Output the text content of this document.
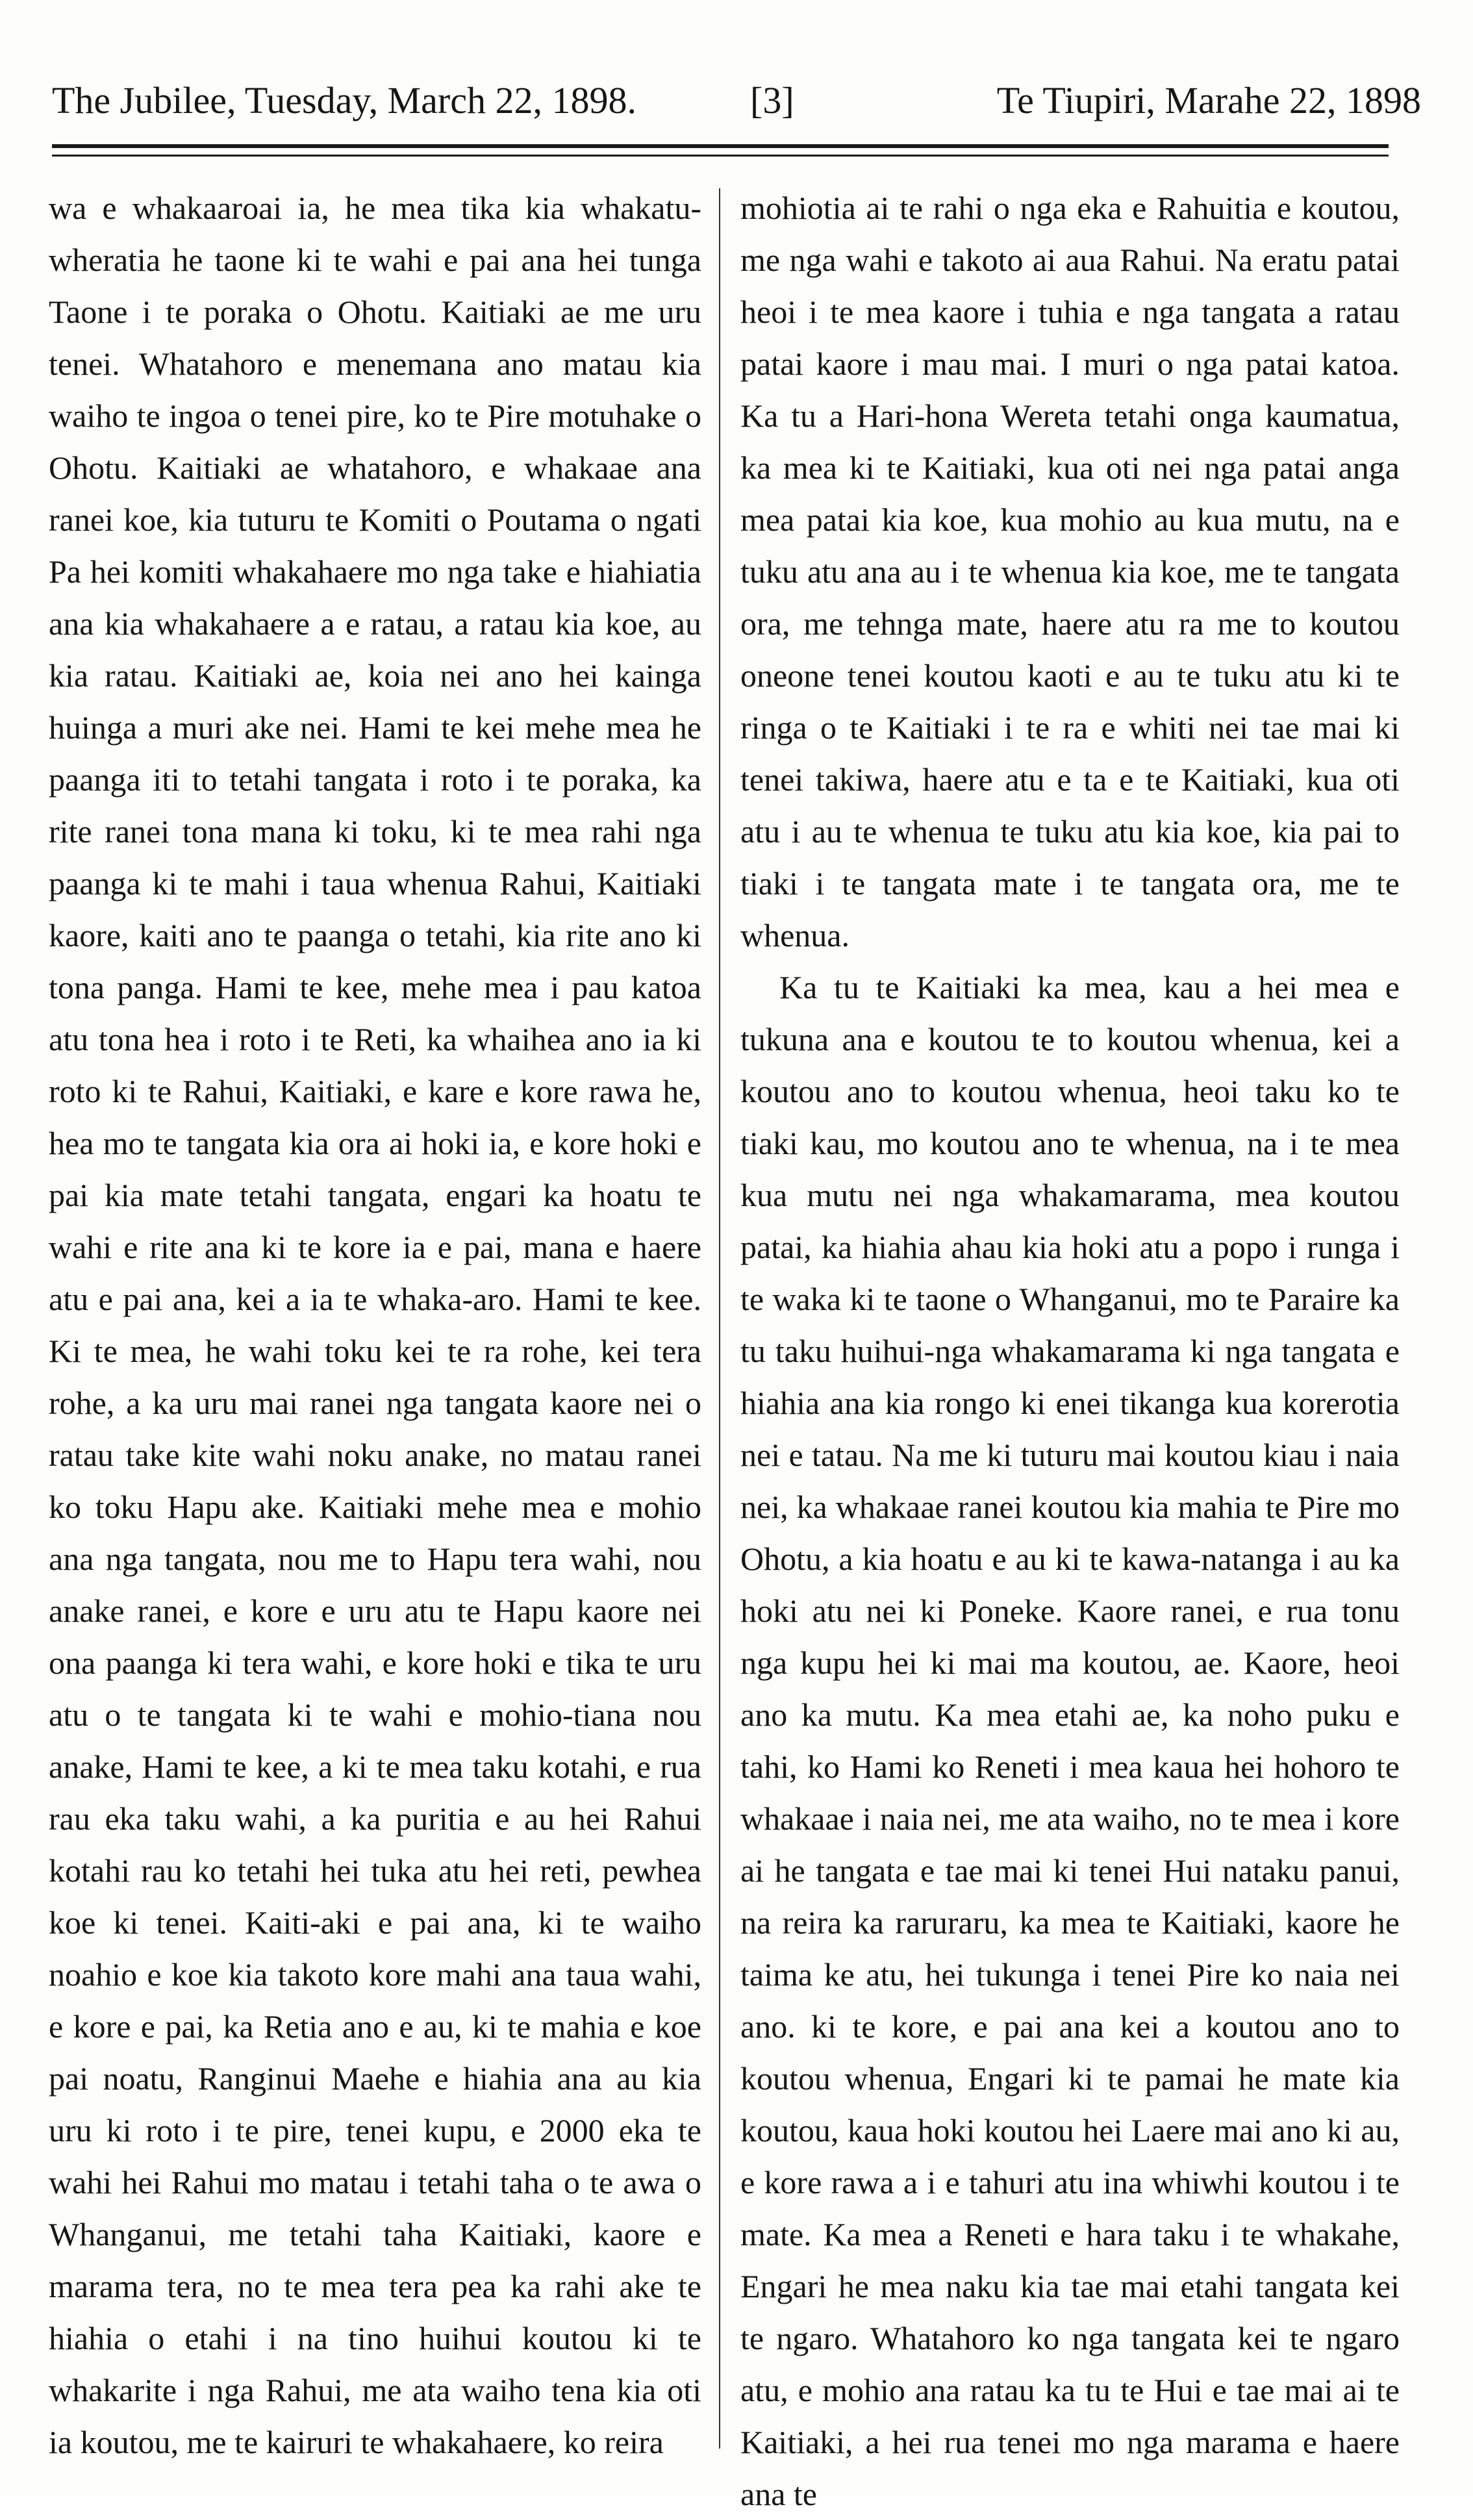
The Jubilee, Tuesday, March 22, 1898.	[3]	Te Tiupiri, Marahe 22, 1898

wa e whakaaroai ia, he mea tika kia whakatu-wheratia he taone ki te wahi e pai ana hei tunga Taone i te poraka o Ohotu. Kaitiaki ae me uru tenei. Whatahoro e menemana ano matau kia waiho te ingoa o tenei pire, ko te Pire motuhake o Ohotu. Kaitiaki ae whatahoro, e whakaae ana ranei koe, kia tuturu te Komiti o Poutama o ngati Pa hei komiti whakahaere mo nga take e hiahiatia ana kia whakahaere a e ratau, a ratau kia koe, au kia ratau. Kaitiaki ae, koia nei ano hei kainga huinga a muri ake nei. Hami te kei mehe mea he paanga iti to tetahi tangata i roto i te poraka, ka rite ranei tona mana ki toku, ki te mea rahi nga paanga ki te mahi i taua whenua Rahui, Kaitiaki kaore, kaiti ano te paanga o tetahi, kia rite ano ki tona panga. Hami te kee, mehe mea i pau katoa atu tona hea i roto i te Reti, ka whaihea ano ia ki roto ki te Rahui, Kaitiaki, e kare e kore rawa he, hea mo te tangata kia ora ai hoki ia, e kore hoki e pai kia mate tetahi tangata, engari ka hoatu te wahi e rite ana ki te kore ia e pai, mana e haere atu e pai ana, kei a ia te whaka-aro. Hami te kee. Ki te mea, he wahi toku kei te ra rohe, kei tera rohe, a ka uru mai ranei nga tangata kaore nei o ratau take kite wahi noku anake, no matau ranei ko toku Hapu ake. Kaitiaki mehe mea e mohio ana nga tangata, nou me to Hapu tera wahi, nou anake ranei, e kore e uru atu te Hapu kaore nei ona paanga ki tera wahi, e kore hoki e tika te uru atu o te tangata ki te wahi e mohio-tiana nou anake, Hami te kee, a ki te mea taku kotahi, e rua rau eka taku wahi, a ka puritia e au hei Rahui kotahi rau ko tetahi hei tuka atu hei reti, pewhea koe ki tenei. Kaiti-aki e pai ana, ki te waiho noahio e koe kia takoto kore mahi ana taua wahi, e kore e pai, ka Retia ano e au, ki te mahia e koe pai noatu, Ranginui Maehe e hiahia ana au kia uru ki roto i te pire, tenei kupu, e 2000 eka te wahi hei Rahui mo matau i tetahi taha o te awa o Whanganui, me tetahi taha Kaitiaki, kaore e marama tera, no te mea tera pea ka rahi ake te hiahia o etahi i na tino huihui koutou ki te whakarite i nga Rahui, me ata waiho tena kia oti ia koutou, me te kairuri te whakahaere, ko reira

mohiotia ai te rahi o nga eka e Rahuitia e koutou, me nga wahi e takoto ai aua Rahui. Na eratu patai heoi i te mea kaore i tuhia e nga tangata a ratau patai kaore i mau mai. I muri o nga patai katoa. Ka tu a Hari-hona Wereta tetahi onga kaumatua, ka mea ki te Kaitiaki, kua oti nei nga patai anga mea patai kia koe, kua mohio au kua mutu, na e tuku atu ana au i te whenua kia koe, me te tangata ora, me tehnga mate, haere atu ra me to koutou oneone tenei koutou kaoti e au te tuku atu ki te ringa o te Kaitiaki i te ra e whiti nei tae mai ki tenei takiwa, haere atu e ta e te Kaitiaki, kua oti atu i au te whenua te tuku atu kia koe, kia pai to tiaki i te tangata mate i te tangata ora, me te whenua.

Ka tu te Kaitiaki ka mea, kau a hei mea e tukuna ana e koutou te to koutou whenua, kei a koutou ano to koutou whenua, heoi taku ko te tiaki kau, mo koutou ano te whenua, na i te mea kua mutu nei nga whakamarama, mea koutou patai, ka hiahia ahau kia hoki atu a popo i runga i te waka ki te taone o Whanganui, mo te Paraire ka tu taku huihui-nga whakamarama ki nga tangata e hiahia ana kia rongo ki enei tikanga kua korerotia nei e tatau. Na me ki tuturu mai koutou kiau i naia nei, ka whakaae ranei koutou kia mahia te Pire mo Ohotu, a kia hoatu e au ki te kawa-natanga i au ka hoki atu nei ki Poneke. Kaore ranei, e rua tonu nga kupu hei ki mai ma koutou, ae. Kaore, heoi ano ka mutu. Ka mea etahi ae, ka noho puku e tahi, ko Hami ko Reneti i mea kaua hei hohoro te whakaae i naia nei, me ata waiho, no te mea i kore ai he tangata e tae mai ki tenei Hui nataku panui, na reira ka raruraru, ka mea te Kaitiaki, kaore he taima ke atu, hei tukunga i tenei Pire ko naia nei ano. ki te kore, e pai ana kei a koutou ano to koutou whenua, Engari ki te pamai he mate kia koutou, kaua hoki koutou hei Laere mai ano ki au, e kore rawa a i e tahuri atu ina whiwhi koutou i te mate. Ka mea a Reneti e hara taku i te whakahe, Engari he mea naku kia tae mai etahi tangata kei te ngaro. Whatahoro ko nga tangata kei te ngaro atu, e mohio ana ratau ka tu te Hui e tae mai ai te Kaitiaki, a hei rua tenei mo nga marama e haere ana te
